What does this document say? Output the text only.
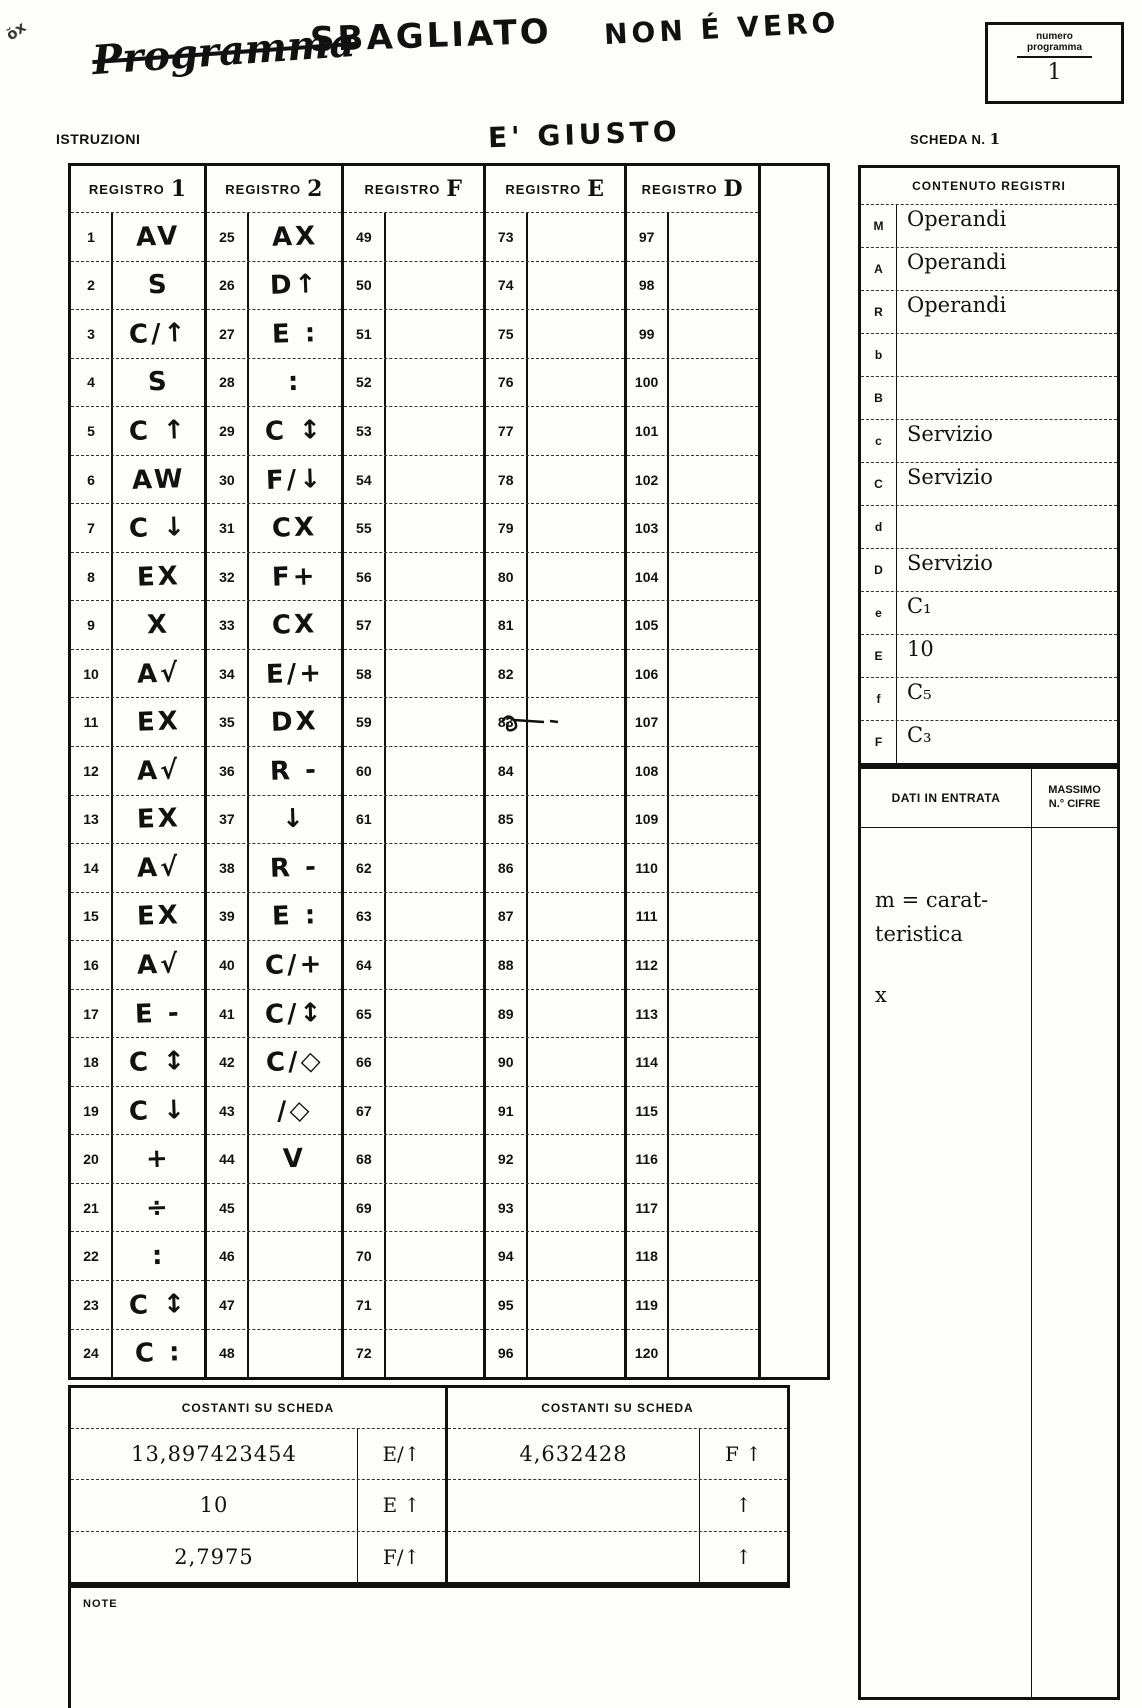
ŏx Programma
SBAGLIATO NON É VERO
E' GIUSTO
numero
programma
1
ISTRUZIONI	SCHEDA N. 1
REGISTRO 1
1	AV
2	S
3	C/↑
4	S
5	C ↑
6	AW
7	C ↓
8	EX
9	X
10	A√
11	EX
12	A√
13	EX
14	A√
15	EX
16	A√
17	E -
18	C ↕
19	C ↓
20	+
21	÷
22	:
23	C ↕
24	C :
REGISTRO 2
25	AX
26	D↑
27	E :
28	:
29	C ↕
30	F/↓
31	CX
32	F+
33	CX
34	E/+
35	DX
36	R -
37	↓
38	R -
39	E :
40	C/+
41	C/↕
42	C/◇
43	/◇
44	V
45
46
47
48
REGISTRO F
49
50
51
52
53
54
55
56
57
58
59
60
61
62
63
64
65
66
67
68
69
70
71
72
REGISTRO E
73
74
75
76
77
78
79
80
81
82
83
84
85
86
87
88
89
90
91
92
93
94
95
96
REGISTRO D
97
98
99
100
101
102
103
104
105
106
107
108
109
110
111
112
113
114
115
116
117
118
119
120
CONTENUTO REGISTRI
M	Operandi
A	Operandi
R	Operandi
b
B
c	Servizio
C	Servizio
d
D	Servizio
e	C₁
E	10
f	C₅
F	C₃
DATI IN ENTRATA
MASSIMO
N.° CIFRE
m = carat-
teristica
x
COSTANTI SU SCHEDA
13,897423454	E/↑
10	E ↑
2,7975	F/↑
COSTANTI SU SCHEDA
4,632428	F ↑
↑
↑
NOTE
